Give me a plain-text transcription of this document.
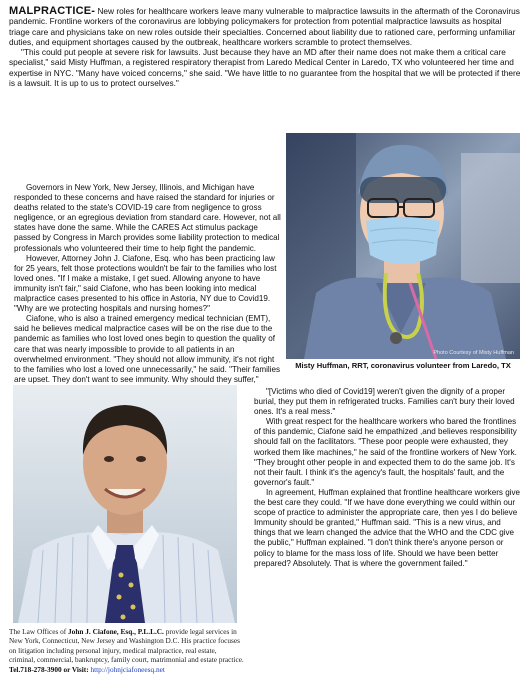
MALPRACTICE- New roles for healthcare workers leave many vulnerable to malpractice lawsuits in the aftermath of the Coronavirus pandemic. Frontline workers of the coronavirus are lobbying policymakers for protection from potential malpractice lawsuits as hospital triage care and physicians take on new roles outside their specialties. Concerned about liability due to rationed care, performing unfamiliar duties, and equipment shortages caused by the outbreak, healthcare workers scramble to protect themselves.

"This could put people at severe risk for lawsuits. Just because they have an MD after their name does not make them a critical care specialist," said Misty Huffman, a registered respiratory therapist from Laredo Medical Center in Laredo, TX who volunteered her time and expertise in NYC. "Many have voiced concerns," she said. "We have little to no guarantee from the hospital that we will be protected if there is a lawsuit. It is up to us to protect ourselves."

Governors in New York, New Jersey, Illinois, and Michigan have responded to these concerns and have raised the standard for injuries or deaths related to the state's COVID-19 care from negligence to gross negligence, or an egregious deviation from standard care. However, not all states have done the same. While the CARES Act stimulus package passed by Congress in March provides some liability protection to medical professionals who volunteered their time to help fight the pandemic.

However, Attorney John J. Ciafone, Esq. who has been practicing law for 25 years, felt those protections wouldn't be fair to the families who lost loved ones. "If I make a mistake, I get sued. Allowing anyone to have immunity isn't fair," said Ciafone, who has been looking into medical malpractice cases presented to his office in Astoria, NY due to Covid19. "Why are we protecting hospitals and nursing homes?"

Ciafone, who is also a trained emergency medical technician (EMT), said he believes medical malpractice cases will be on the rise due to the pandemic as families who lost loved ones begin to question the quality of care that was nearly impossible to provide to all patients in an overwhelmed environment. "They should not allow immunity, it's not right to the families who lost a loved one unnecessarily," he said. "Their families are upset. They don't want to see immunity. Why should they suffer,"

Photo Courtesy of Misty Huffman
Misty Huffman, RRT, coronavirus volunteer from Laredo, TX
The Law Offices of John J. Ciafone, Esq., P.L.L.C. provide legal services in New York, Connecticut, New Jersey and Washington D.C. His practice focuses on litigation including personal injury, medical malpractice, real estate, criminal, commercial, bankruptcy, family court, matrimonial and estate practice. Tel.718-278-3900 or Visit: http://johnjciafoneesq.net

"[Victims who died of Covid19] weren't given the dignity of a proper burial, they put them in refrigerated trucks. Families can't bury their loved ones. It's a real mess."

With great respect for the healthcare workers who bared the frontlines of this pandemic, Ciafone said he empathized ,and believes responsibility should fall on the facilitators. "These poor people were exhausted, they worked them like machines," he said of the frontline workers of New York. "They brought other people in and expected them to do the same job. It's not their fault. I think it's the agency's fault, the hospitals' fault, and the governor's fault."

In agreement, Huffman explained that frontline healthcare workers give the best care they could. "If we have done everything we could within our scope of practice to administer the appropriate care, then yes I do believe Immunity should be granted," Huffman said. "This is a new virus, and things that we learn changed the advice that the WHO and the CDC give the public," Huffman explained. "I don't think there's anyone person or policy to blame for the mass loss of life. Should we have been better prepared? Absolutely. That is where the government failed."
